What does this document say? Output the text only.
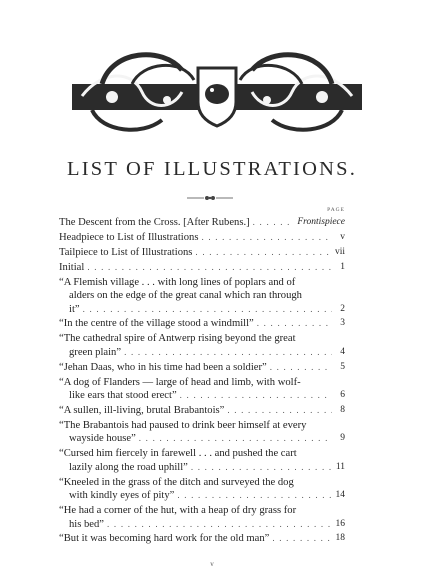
LIST OF ILLUSTRATIONS.
PAGE
The Descent from the Cross. [After Rubens.] . . .	Frontispiece
Headpiece to List of Illustrations . . .	v
Tailpiece to List of Illustrations . . .	vii
Initial . . .	1
“A Flemish village . . . with long lines of poplars and of
alders on the edge of the great canal which ran through
it” . . .	2
“In the centre of the village stood a windmill” . . .	3
“The cathedral spire of Antwerp rising beyond the great
green plain” . . .	4
“Jehan Daas, who in his time had been a soldier” . . .	5
“A dog of Flanders — large of head and limb, with wolf-
like ears that stood erect” . . .	6
“A sullen, ill-living, brutal Brabantois” . . .	8
“The Brabantois had paused to drink beer himself at every
wayside house” . . .	9
“Cursed him fiercely in farewell . . . and pushed the cart
lazily along the road uphill” . . .	11
“Kneeled in the grass of the ditch and surveyed the dog
with kindly eyes of pity” . . .	14
“He had a corner of the hut, with a heap of dry grass for
his bed” . . .	16
“But it was becoming hard work for the old man” . . .	18
v
